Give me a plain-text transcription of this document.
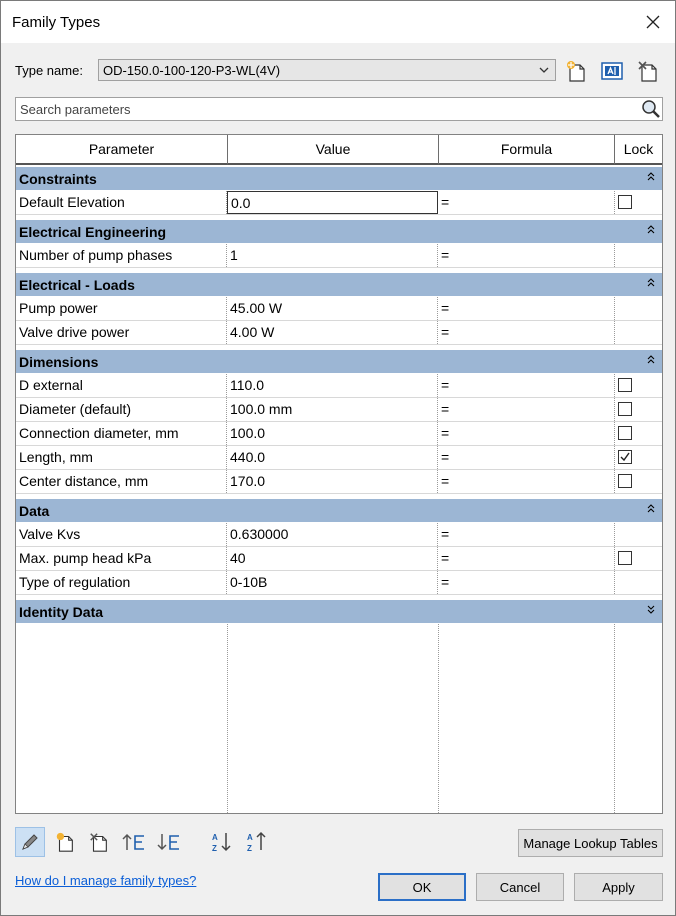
Family Types
Type name: OD-150.0-100-120-P3-WL(4V)
Search parameters
Parameter	Value	Formula	Lock
Constraints
Default Elevation	0.0	=
Electrical Engineering
Number of pump phases	1	=
Electrical - Loads
Pump power	45.00 W	=
Valve drive power	4.00 W	=
Dimensions
D external	110.0	=
Diameter (default)	100.0 mm	=
Connection diameter, mm	100.0	=
Length, mm	440.0	=
Center distance, mm	170.0	=
Data
Valve Kvs	0.630000	=
Max. pump head kPa	40	=
Type of regulation	0-10B	=
Identity Data
A
Z
A
Z	Manage Lookup Tables
How do I manage family types?	OK	Cancel	Apply
